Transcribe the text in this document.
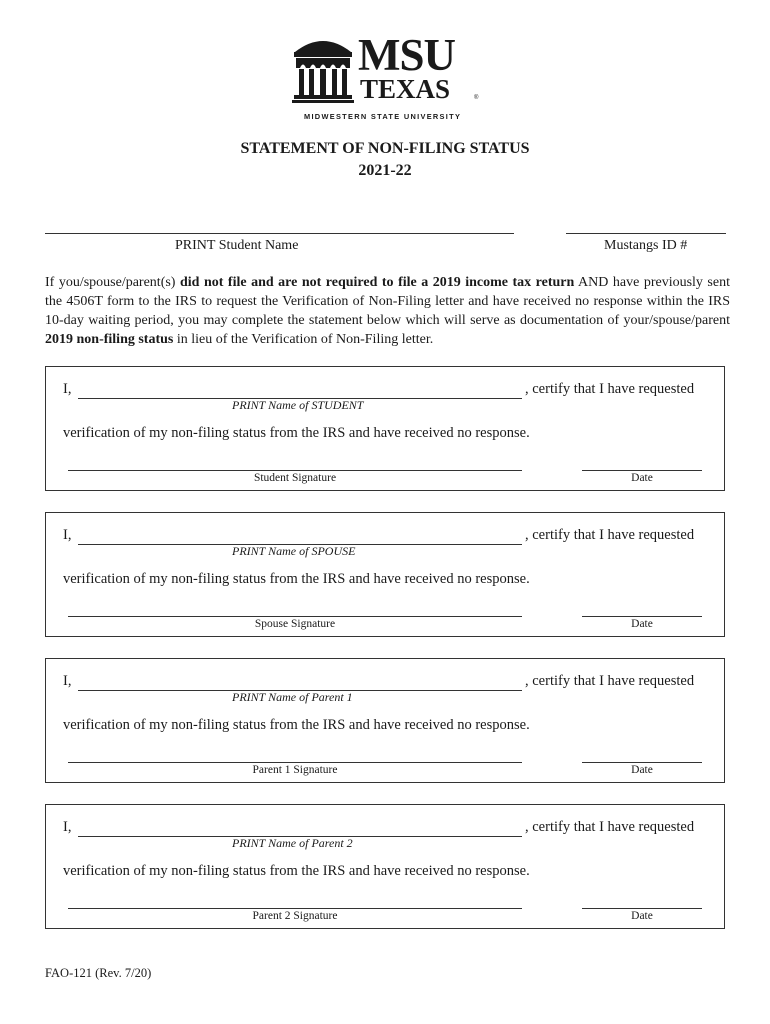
MSU
TEXAS	®
MIDWESTERN STATE UNIVERSITY
STATEMENT OF NON-FILING STATUS
2021-22
PRINT Student Name	Mustangs ID #
If you/spouse/parent(s) did not file and are not required to file a 2019 income tax return AND have previously sent the 4506T form to the IRS to request the Verification of Non-Filing letter and have received no response within the IRS 10-day waiting period, you may complete the statement below which will serve as documentation of your/spouse/parent 2019 non-filing status in lieu of the Verification of Non-Filing letter.
I,	, certify that I have requested
PRINT Name of STUDENT
verification of my non-filing status from the IRS and have received no response.
Student Signature	Date
I,	, certify that I have requested
PRINT Name of SPOUSE
verification of my non-filing status from the IRS and have received no response.
Spouse Signature	Date
I,	, certify that I have requested
PRINT Name of Parent 1
verification of my non-filing status from the IRS and have received no response.
Parent 1 Signature	Date
I,	, certify that I have requested
PRINT Name of Parent 2
verification of my non-filing status from the IRS and have received no response.
Parent 2 Signature	Date
FAO-121 (Rev. 7/20)
